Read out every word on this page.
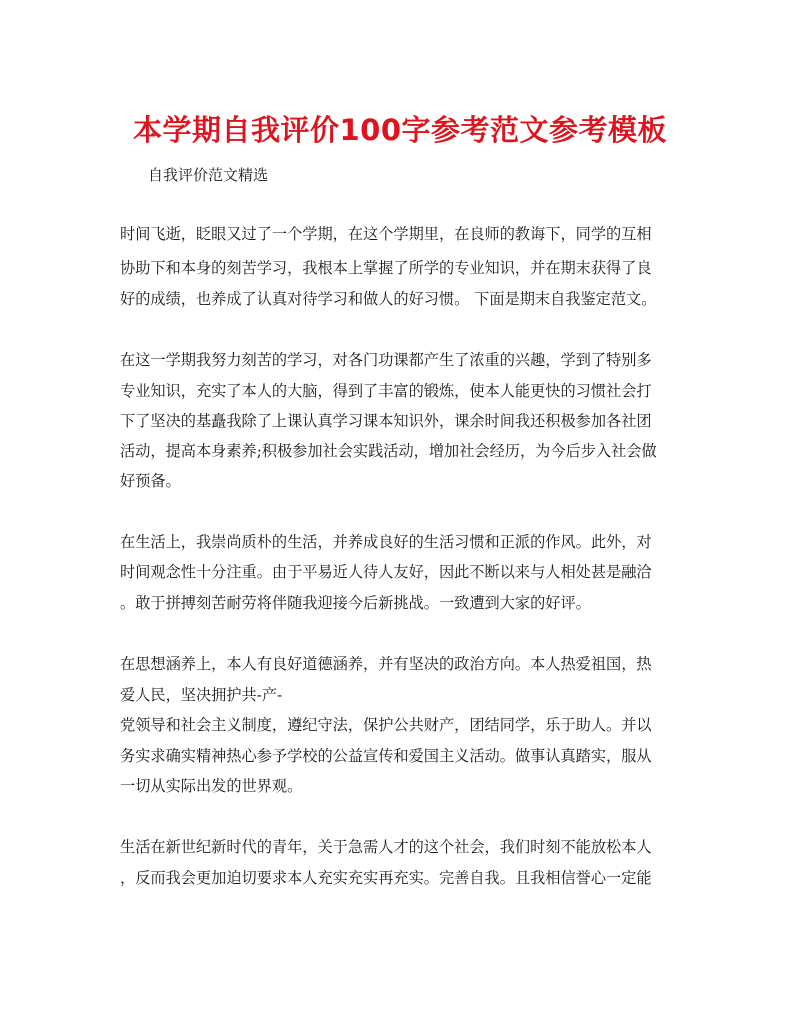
本学期自我评价100字参考范文参考模板

自我评价范文精选

时间飞逝，眨眼又过了一个学期，在这个学期里，在良师的教诲下，同学的互相

协助下和本身的刻苦学习，我根本上掌握了所学的专业知识，并在期末获得了良

好的成绩，也养成了认真对待学习和做人的好习惯。 下面是期末自我鉴定范文。

在这一学期我努力刻苦的学习，对各门功课都产生了浓重的兴趣，学到了特别多

专业知识，充实了本人的大脑，得到了丰富的锻炼，使本人能更快的习惯社会打

下了坚决的基矗我除了上课认真学习课本知识外，课余时间我还积极参加各社团

活动，提高本身素养;积极参加社会实践活动，增加社会经历，为今后步入社会做

好预备。

在生活上，我崇尚质朴的生活，并养成良好的生活习惯和正派的作风。此外，对

时间观念性十分注重。由于平易近人待人友好，因此不断以来与人相处甚是融洽

。敢于拼搏刻苦耐劳将伴随我迎接今后新挑战。一致遭到大家的好评。

在思想涵养上，本人有良好道德涵养，并有坚决的政治方向。本人热爱祖国，热

爱人民，坚决拥护共-产-

党领导和社会主义制度，遵纪守法，保护公共财产，团结同学，乐于助人。并以

务实求确实精神热心参予学校的公益宣传和爱国主义活动。做事认真踏实，服从

一切从实际出发的世界观。

生活在新世纪新时代的青年，关于急需人才的这个社会，我们时刻不能放松本人

，反而我会更加迫切要求本人充实充实再充实。完善自我。且我相信誉心一定能
